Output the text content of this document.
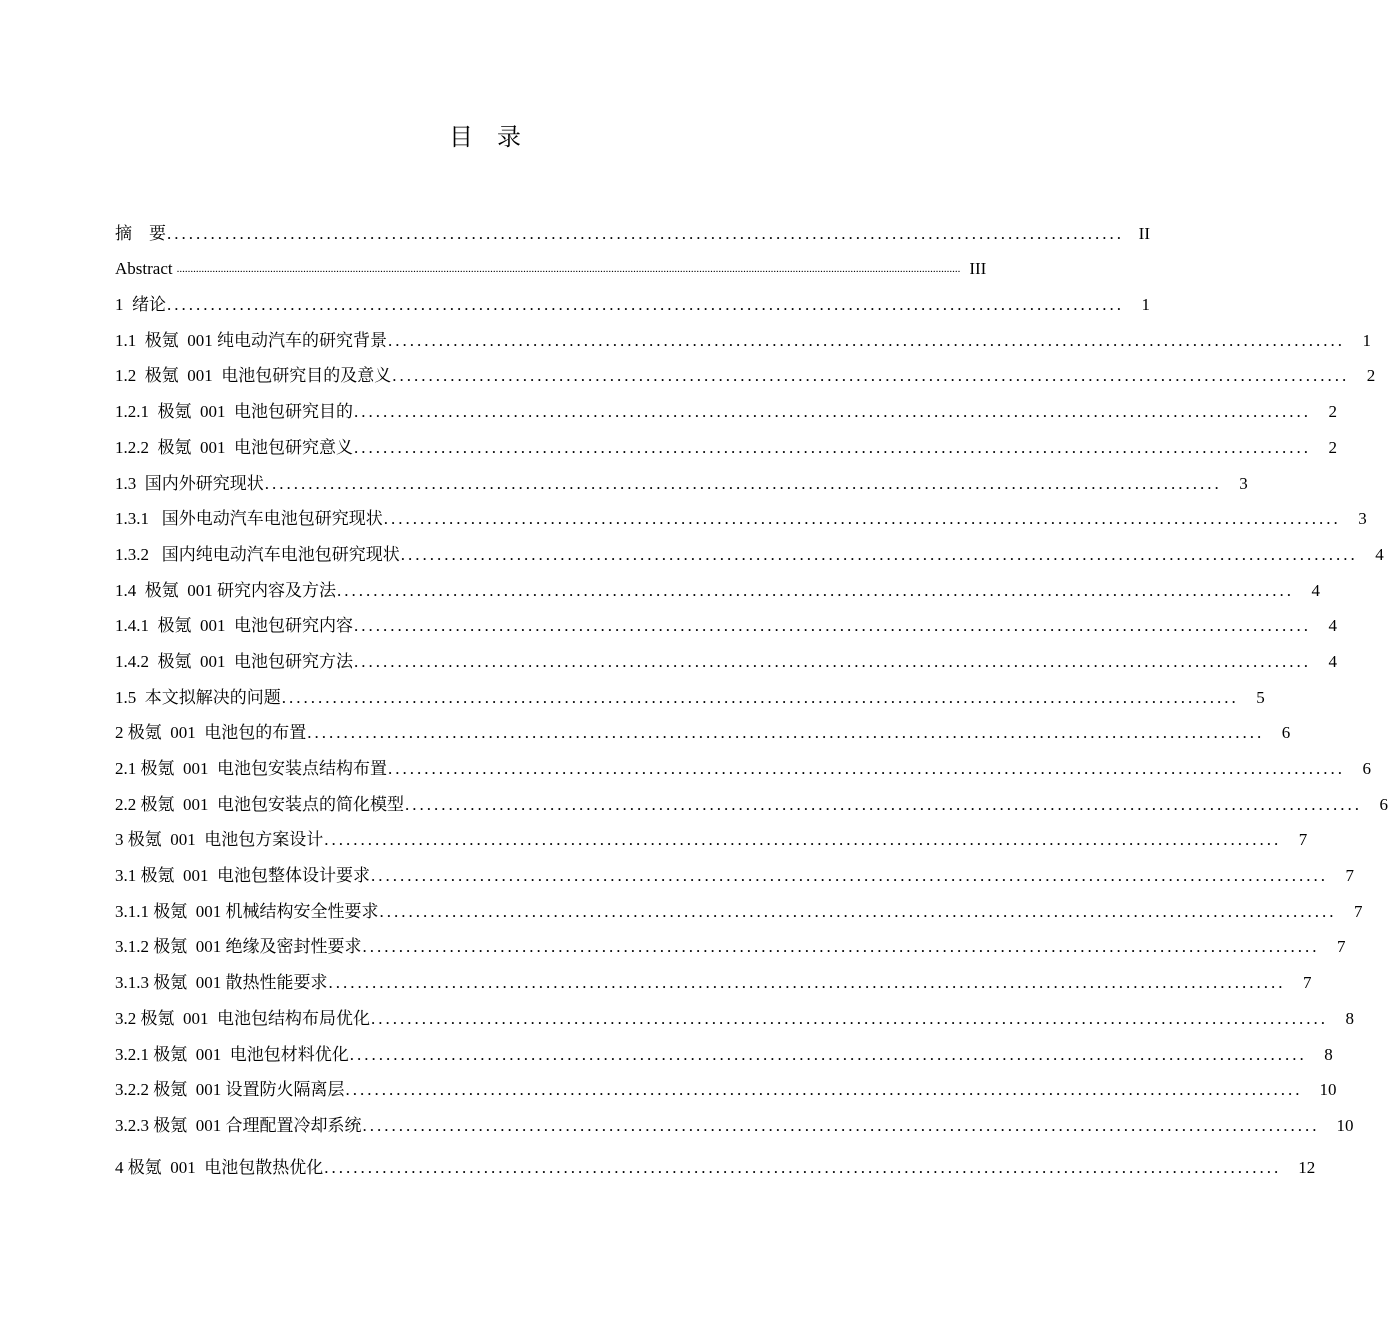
目    录
摘    要 .................................................................................................................................... II
Abstract ............................................................................................................................................................................................................................................................................................. III
1  绪论 ....................................................................................................................................	1
1.1  极氪  001 纯电动汽车的研究背景 ....................................................................................................................................	1
1.2  极氪  001  电池包研究目的及意义 ....................................................................................................................................	2
1.2.1  极氪  001  电池包研究目的 ....................................................................................................................................	2
1.2.2  极氪  001  电池包研究意义 ....................................................................................................................................	2
1.3  国内外研究现状 ....................................................................................................................................	3
1.3.1   国外电动汽车电池包研究现状 ....................................................................................................................................	3
1.3.2   国内纯电动汽车电池包研究现状 ....................................................................................................................................	4
1.4  极氪  001 研究内容及方法 ....................................................................................................................................	4
1.4.1  极氪  001  电池包研究内容 ....................................................................................................................................	4
1.4.2  极氪  001  电池包研究方法 ....................................................................................................................................	4
1.5  本文拟解决的问题 ....................................................................................................................................	5
2 极氪  001  电池包的布置 ....................................................................................................................................	6
2.1 极氪  001  电池包安装点结构布置 ....................................................................................................................................	6
2.2 极氪  001  电池包安装点的简化模型 ....................................................................................................................................	6
3 极氪  001  电池包方案设计 ....................................................................................................................................	7
3.1 极氪  001  电池包整体设计要求 ....................................................................................................................................	7
3.1.1 极氪  001 机械结构安全性要求 ....................................................................................................................................	7
3.1.2 极氪  001 绝缘及密封性要求 ....................................................................................................................................	7
3.1.3 极氪  001 散热性能要求 ....................................................................................................................................	7
3.2 极氪  001  电池包结构布局优化 ....................................................................................................................................	8
3.2.1 极氪  001  电池包材料优化 ....................................................................................................................................	8
3.2.2 极氪  001 设置防火隔离层 ....................................................................................................................................	10
3.2.3 极氪  001 合理配置冷却系统 ....................................................................................................................................	10
4 极氪  001  电池包散热优化 ....................................................................................................................................	12
